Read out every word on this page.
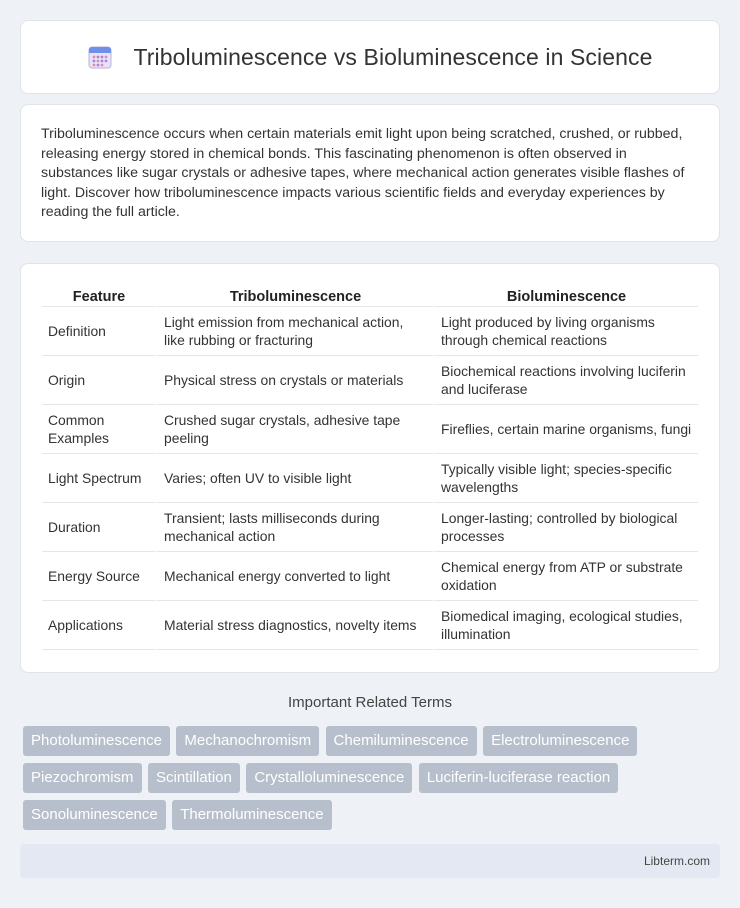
Triboluminescence vs Bioluminescence in Science

Triboluminescence occurs when certain materials emit light upon being scratched, crushed, or rubbed, releasing energy stored in chemical bonds. This fascinating phenomenon is often observed in substances like sugar crystals or adhesive tapes, where mechanical action generates visible flashes of light. Discover how triboluminescence impacts various scientific fields and everyday experiences by reading the full article.

Feature	Triboluminescence	Bioluminescence
Definition	Light emission from mechanical action, like rubbing or fracturing	Light produced by living organisms through chemical reactions
Origin	Physical stress on crystals or materials	Biochemical reactions involving luciferin and luciferase
Common Examples	Crushed sugar crystals, adhesive tape peeling	Fireflies, certain marine organisms, fungi
Light Spectrum	Varies; often UV to visible light	Typically visible light; species-specific wavelengths
Duration	Transient; lasts milliseconds during mechanical action	Longer-lasting; controlled by biological processes
Energy Source	Mechanical energy converted to light	Chemical energy from ATP or substrate oxidation
Applications	Material stress diagnostics, novelty items	Biomedical imaging, ecological studies, illumination
Important Related Terms
Photoluminescence Mechanochromism Chemiluminescence Electroluminescence
Piezochromism Scintillation Crystalloluminescence Luciferin-luciferase reaction
Sonoluminescence Thermoluminescence
Libterm.com
